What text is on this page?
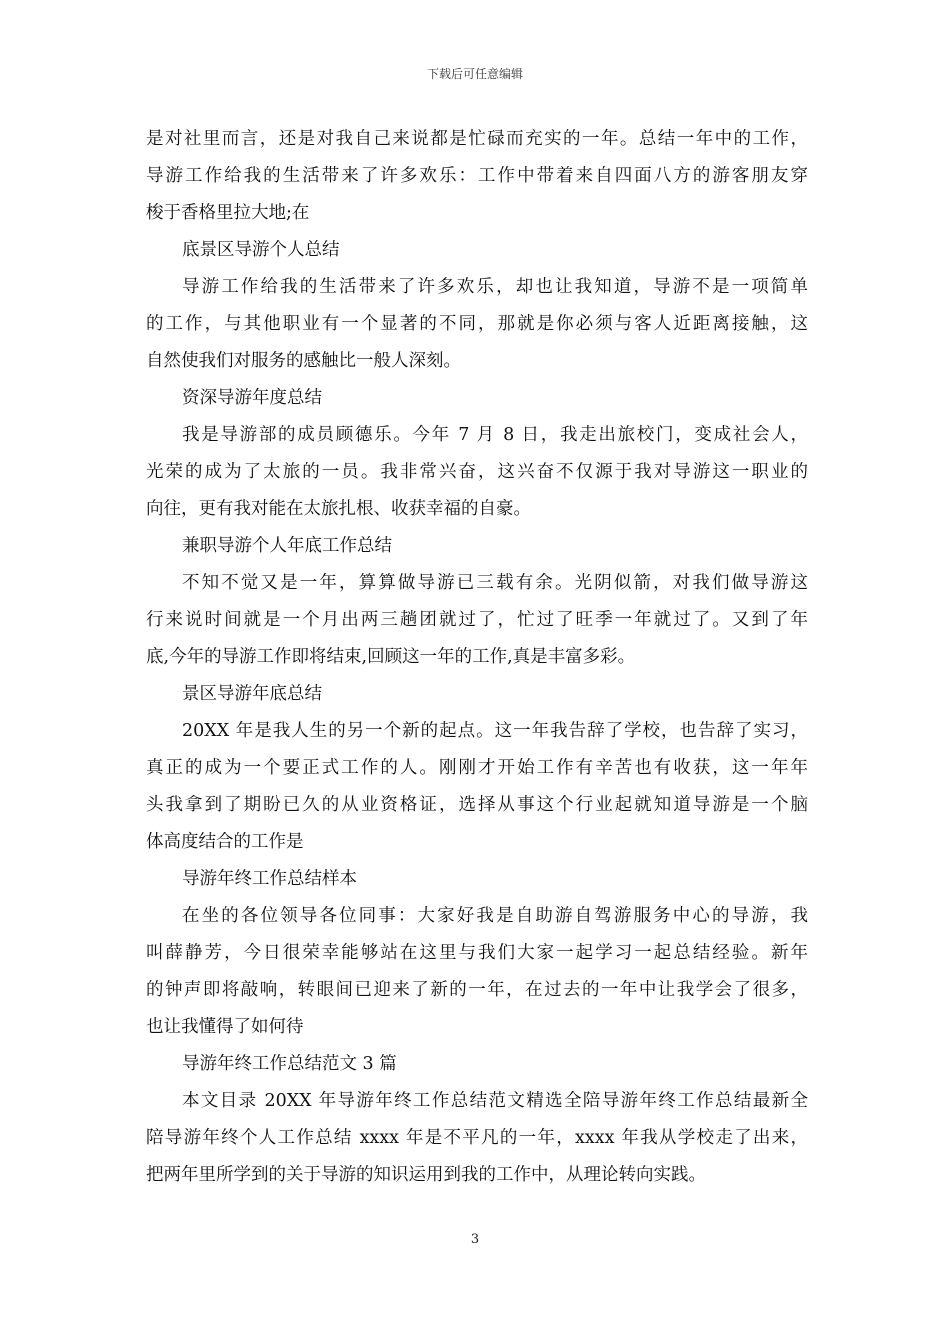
下载后可任意编辑
是对社里而言，还是对我自己来说都是忙碌而充实的一年。总结一年中的工作，
导游工作给我的生活带来了许多欢乐：工作中带着来自四面八方的游客朋友穿
梭于香格里拉大地;在
底景区导游个人总结
导游工作给我的生活带来了许多欢乐，却也让我知道，导游不是一项简单
的工作，与其他职业有一个显著的不同，那就是你必须与客人近距离接触，这
自然使我们对服务的感触比一般人深刻。
资深导游年度总结
我是导游部的成员顾德乐。今年 7 月 8 日，我走出旅校门，变成社会人，
光荣的成为了太旅的一员。我非常兴奋，这兴奋不仅源于我对导游这一职业的
向往，更有我对能在太旅扎根、收获幸福的自豪。
兼职导游个人年底工作总结
不知不觉又是一年，算算做导游已三载有余。光阴似箭，对我们做导游这
行来说时间就是一个月出两三趟团就过了，忙过了旺季一年就过了。又到了年
底,今年的导游工作即将结束,回顾这一年的工作,真是丰富多彩。
景区导游年底总结
20XX 年是我人生的另一个新的起点。这一年我告辞了学校，也告辞了实习，
真正的成为一个要正式工作的人。刚刚才开始工作有辛苦也有收获，这一年年
头我拿到了期盼已久的从业资格证，选择从事这个行业起就知道导游是一个脑
体高度结合的工作是
导游年终工作总结样本
在坐的各位领导各位同事：大家好我是自助游自驾游服务中心的导游，我
叫薛静芳，今日很荣幸能够站在这里与我们大家一起学习一起总结经验。新年
的钟声即将敲响，转眼间已迎来了新的一年，在过去的一年中让我学会了很多，
也让我懂得了如何待
导游年终工作总结范文 3 篇
本文目录 20XX 年导游年终工作总结范文精选全陪导游年终工作总结最新全
陪导游年终个人工作总结 xxxx 年是不平凡的一年，xxxx 年我从学校走了出来，
把两年里所学到的关于导游的知识运用到我的工作中，从理论转向实践。
3
